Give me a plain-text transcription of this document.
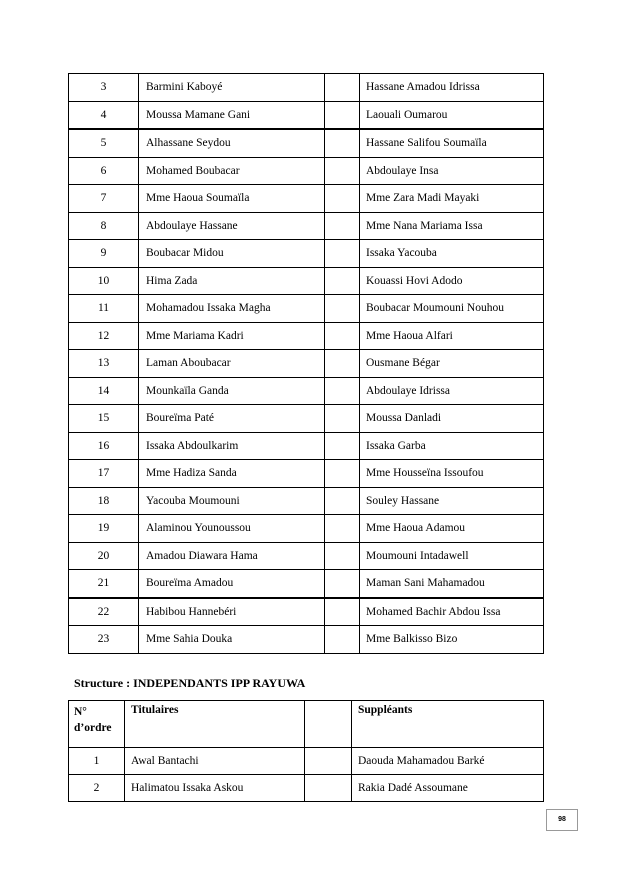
3	Barmini Kaboyé		Hassane Amadou Idrissa
4	Moussa Mamane Gani		Laouali Oumarou
5	Alhassane Seydou		Hassane Salifou Soumaïla
6	Mohamed Boubacar		Abdoulaye Insa
7	Mme Haoua Soumaïla		Mme Zara Madi Mayaki
8	Abdoulaye Hassane		Mme Nana Mariama Issa
9	Boubacar Midou		Issaka Yacouba
10	Hima Zada		Kouassi Hovi Adodo
11	Mohamadou Issaka Magha		Boubacar Moumouni Nouhou
12	Mme Mariama Kadri		Mme Haoua Alfari
13	Laman Aboubacar		Ousmane Bégar
14	Mounkaïla Ganda		Abdoulaye Idrissa
15	Boureïma Paté		Moussa Danladi
16	Issaka Abdoulkarim		Issaka Garba
17	Mme Hadiza Sanda		Mme Housseïna Issoufou
18	Yacouba Moumouni		Souley Hassane
19	Alaminou Younoussou		Mme Haoua Adamou
20	Amadou Diawara Hama		Moumouni Intadawell
21	Boureïma Amadou		Maman Sani Mahamadou
22	Habibou Hannebéri		Mohamed Bachir Abdou Issa
23	Mme Sahia Douka		Mme Balkisso Bizo
Structure : INDEPENDANTS IPP RAYUWA
N°
d’ordre	Titulaires		Suppléants
1	Awal Bantachi		Daouda Mahamadou Barké
2	Halimatou Issaka Askou		Rakia Dadé Assoumane
98
